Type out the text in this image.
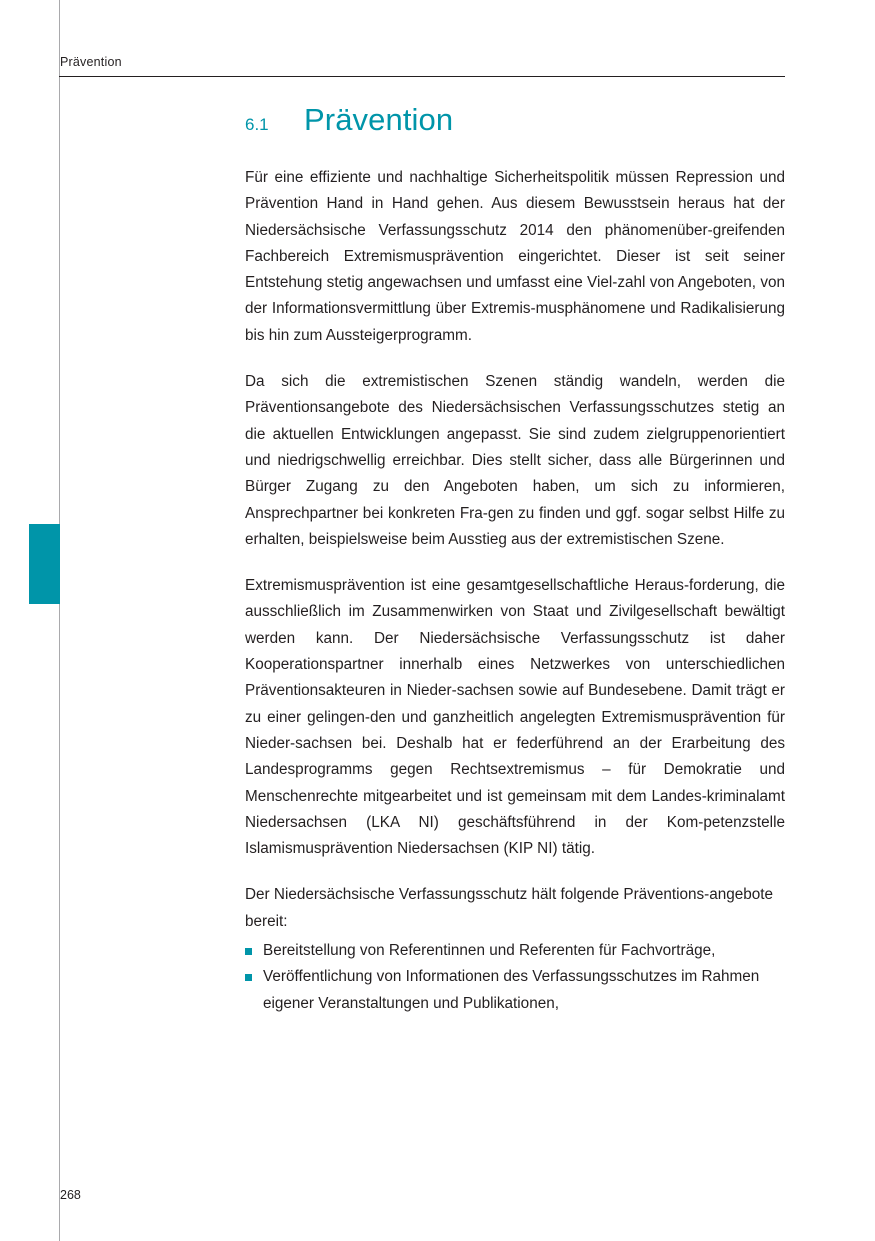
Prävention
6.1	Prävention

Für eine effiziente und nachhaltige Sicherheitspolitik müssen Repression und Prävention Hand in Hand gehen. Aus diesem Bewusstsein heraus hat der Niedersächsische Verfassungsschutz 2014 den phänomenüber-greifenden Fachbereich Extremismusprävention eingerichtet. Dieser ist seit seiner Entstehung stetig angewachsen und umfasst eine Viel-zahl von Angeboten, von der Informationsvermittlung über Extremis-musphänomene und Radikalisierung bis hin zum Aussteigerprogramm.

Da sich die extremistischen Szenen ständig wandeln, werden die Präventionsangebote des Niedersächsischen Verfassungsschutzes stetig an die aktuellen Entwicklungen angepasst. Sie sind zudem zielgruppenorientiert und niedrigschwellig erreichbar. Dies stellt sicher, dass alle Bürgerinnen und Bürger Zugang zu den Angeboten haben, um sich zu informieren, Ansprechpartner bei konkreten Fra-gen zu finden und ggf. sogar selbst Hilfe zu erhalten, beispielsweise beim Ausstieg aus der extremistischen Szene.

Extremismusprävention ist eine gesamtgesellschaftliche Heraus-forderung, die ausschließlich im Zusammenwirken von Staat und Zivilgesellschaft bewältigt werden kann. Der Niedersächsische Verfassungsschutz ist daher Kooperationspartner innerhalb eines Netzwerkes von unterschiedlichen Präventionsakteuren in Nieder-sachsen sowie auf Bundesebene. Damit trägt er zu einer gelingen-den und ganzheitlich angelegten Extremismusprävention für Nieder-sachsen bei. Deshalb hat er federführend an der Erarbeitung des Landesprogramms gegen Rechtsextremismus – für Demokratie und Menschenrechte mitgearbeitet und ist gemeinsam mit dem Landes-kriminalamt Niedersachsen (LKA NI) geschäftsführend in der Kom-petenzstelle Islamismusprävention Niedersachsen (KIP NI) tätig.

Der Niedersächsische Verfassungsschutz hält folgende Präventions-angebote bereit:

Bereitstellung von Referentinnen und Referenten für Fachvorträge,
Veröffentlichung von Informationen des Verfassungsschutzes im Rahmen eigener Veranstaltungen und Publikationen,
268
